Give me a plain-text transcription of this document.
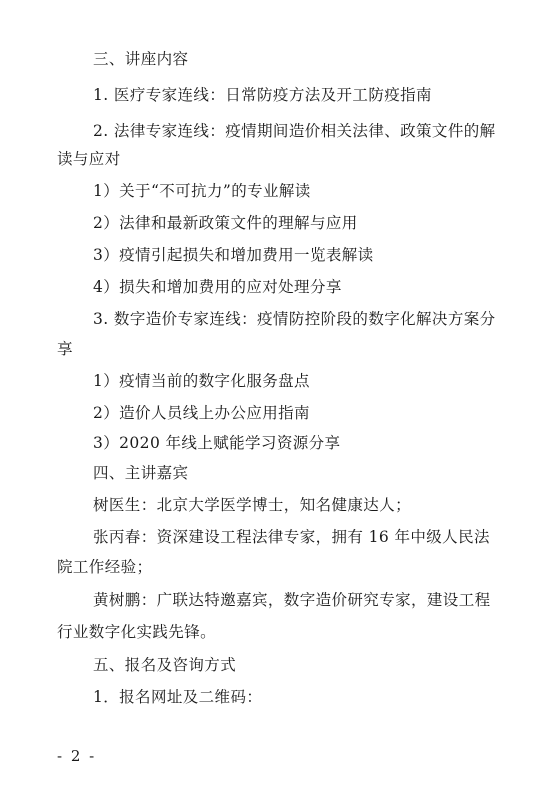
三、讲座内容
1. 医疗专家连线：日常防疫方法及开工防疫指南
2. 法律专家连线：疫情期间造价相关法律、政策文件的解
读与应对
1）关于“不可抗力”的专业解读
2）法律和最新政策文件的理解与应用
3）疫情引起损失和增加费用一览表解读
4）损失和增加费用的应对处理分享
3. 数字造价专家连线：疫情防控阶段的数字化解决方案分
享
1）疫情当前的数字化服务盘点
2）造价人员线上办公应用指南
3）2020 年线上赋能学习资源分享
四、主讲嘉宾
树医生：北京大学医学博士，知名健康达人；
张丙春：资深建设工程法律专家，拥有 16 年中级人民法
院工作经验；
黄树鹏：广联达特邀嘉宾，数字造价研究专家，建设工程
行业数字化实践先锋。
五、报名及咨询方式
1．报名网址及二维码：
- 2 -
